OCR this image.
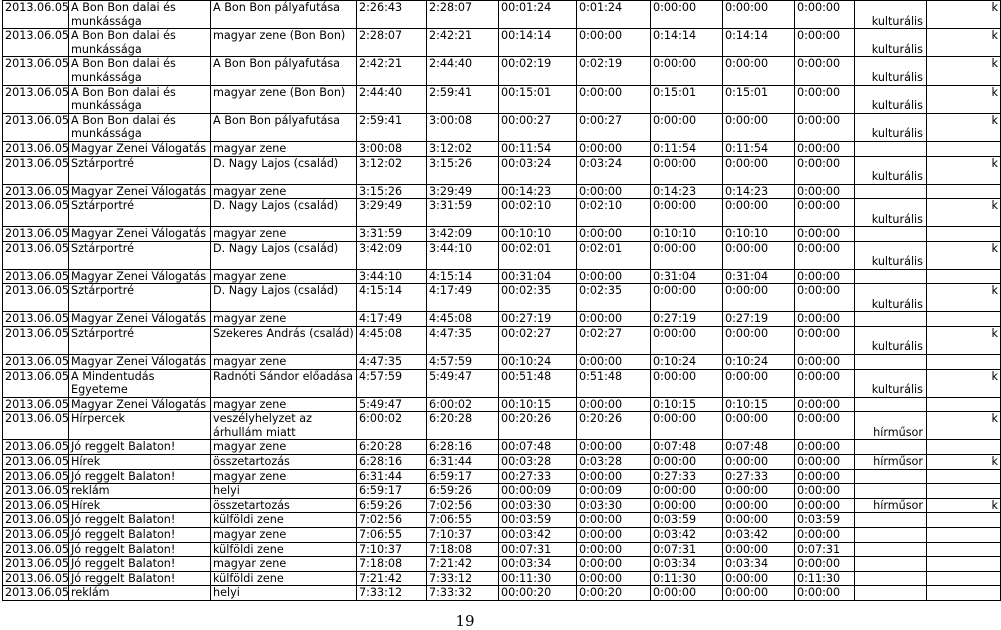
2013.06.05	A Bon Bon dalai és munkássága	A Bon Bon pályafutása	2:26:43	2:28:07	00:01:24	0:01:24	0:00:00	0:00:00	0:00:00	kulturális	k
2013.06.05	A Bon Bon dalai és munkássága	magyar zene (Bon Bon)	2:28:07	2:42:21	00:14:14	0:00:00	0:14:14	0:14:14	0:00:00	kulturális	k
2013.06.05	A Bon Bon dalai és munkássága	A Bon Bon pályafutása	2:42:21	2:44:40	00:02:19	0:02:19	0:00:00	0:00:00	0:00:00	kulturális	k
2013.06.05	A Bon Bon dalai és munkássága	magyar zene (Bon Bon)	2:44:40	2:59:41	00:15:01	0:00:00	0:15:01	0:15:01	0:00:00	kulturális	k
2013.06.05	A Bon Bon dalai és munkássága	A Bon Bon pályafutása	2:59:41	3:00:08	00:00:27	0:00:27	0:00:00	0:00:00	0:00:00	kulturális	k
2013.06.05	Magyar Zenei Válogatás	magyar zene	3:00:08	3:12:02	00:11:54	0:00:00	0:11:54	0:11:54	0:00:00		
2013.06.05	Sztárportré	D. Nagy Lajos (család)	3:12:02	3:15:26	00:03:24	0:03:24	0:00:00	0:00:00	0:00:00	kulturális	k
2013.06.05	Magyar Zenei Válogatás	magyar zene	3:15:26	3:29:49	00:14:23	0:00:00	0:14:23	0:14:23	0:00:00		
2013.06.05	Sztárportré	D. Nagy Lajos (család)	3:29:49	3:31:59	00:02:10	0:02:10	0:00:00	0:00:00	0:00:00	kulturális	k
2013.06.05	Magyar Zenei Válogatás	magyar zene	3:31:59	3:42:09	00:10:10	0:00:00	0:10:10	0:10:10	0:00:00		
2013.06.05	Sztárportré	D. Nagy Lajos (család)	3:42:09	3:44:10	00:02:01	0:02:01	0:00:00	0:00:00	0:00:00	kulturális	k
2013.06.05	Magyar Zenei Válogatás	magyar zene	3:44:10	4:15:14	00:31:04	0:00:00	0:31:04	0:31:04	0:00:00		
2013.06.05	Sztárportré	D. Nagy Lajos (család)	4:15:14	4:17:49	00:02:35	0:02:35	0:00:00	0:00:00	0:00:00	kulturális	k
2013.06.05	Magyar Zenei Válogatás	magyar zene	4:17:49	4:45:08	00:27:19	0:00:00	0:27:19	0:27:19	0:00:00		
2013.06.05	Sztárportré	Szekeres András (család)	4:45:08	4:47:35	00:02:27	0:02:27	0:00:00	0:00:00	0:00:00	kulturális	k
2013.06.05	Magyar Zenei Válogatás	magyar zene	4:47:35	4:57:59	00:10:24	0:00:00	0:10:24	0:10:24	0:00:00		
2013.06.05	A Mindentudás Egyeteme	Radnóti Sándor előadása	4:57:59	5:49:47	00:51:48	0:51:48	0:00:00	0:00:00	0:00:00	kulturális	k
2013.06.05	Magyar Zenei Válogatás	magyar zene	5:49:47	6:00:02	00:10:15	0:00:00	0:10:15	0:10:15	0:00:00		
2013.06.05	Hírpercek	veszélyhelyzet az árhullám miatt	6:00:02	6:20:28	00:20:26	0:20:26	0:00:00	0:00:00	0:00:00	hírműsor	k
2013.06.05	Jó reggelt Balaton!	magyar zene	6:20:28	6:28:16	00:07:48	0:00:00	0:07:48	0:07:48	0:00:00		
2013.06.05	Hírek	összetartozás	6:28:16	6:31:44	00:03:28	0:03:28	0:00:00	0:00:00	0:00:00	hírműsor	k
2013.06.05	Jó reggelt Balaton!	magyar zene	6:31:44	6:59:17	00:27:33	0:00:00	0:27:33	0:27:33	0:00:00		
2013.06.05	reklám	helyi	6:59:17	6:59:26	00:00:09	0:00:09	0:00:00	0:00:00	0:00:00		
2013.06.05	Hírek	összetartozás	6:59:26	7:02:56	00:03:30	0:03:30	0:00:00	0:00:00	0:00:00	hírműsor	k
2013.06.05	Jó reggelt Balaton!	külföldi zene	7:02:56	7:06:55	00:03:59	0:00:00	0:03:59	0:00:00	0:03:59		
2013.06.05	Jó reggelt Balaton!	magyar zene	7:06:55	7:10:37	00:03:42	0:00:00	0:03:42	0:03:42	0:00:00		
2013.06.05	Jó reggelt Balaton!	külföldi zene	7:10:37	7:18:08	00:07:31	0:00:00	0:07:31	0:00:00	0:07:31		
2013.06.05	Jó reggelt Balaton!	magyar zene	7:18:08	7:21:42	00:03:34	0:00:00	0:03:34	0:03:34	0:00:00		
2013.06.05	Jó reggelt Balaton!	külföldi zene	7:21:42	7:33:12	00:11:30	0:00:00	0:11:30	0:00:00	0:11:30		
2013.06.05	reklám	helyi	7:33:12	7:33:32	00:00:20	0:00:20	0:00:00	0:00:00	0:00:00		
19
